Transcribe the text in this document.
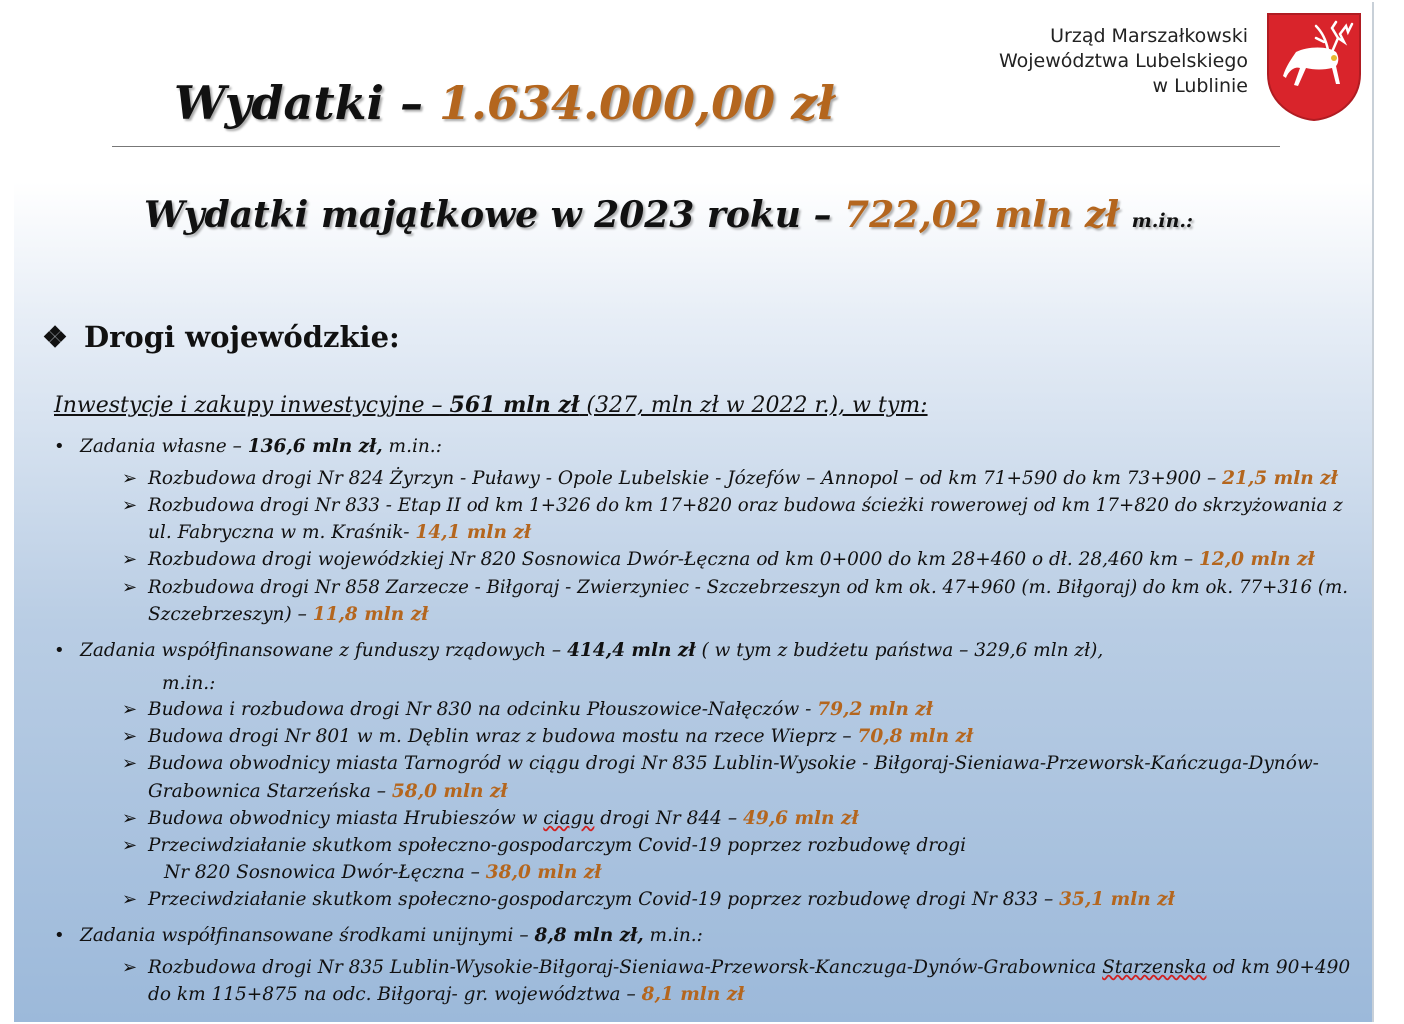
Wydatki – 1.634.000,00 zł
Urząd Marszałkowski
Województwa Lubelskiego
w Lublinie
Wydatki majątkowe w 2023 roku – 722,02 mln zł m.in.:
❖ Drogi wojewódzkie:
Inwestycje i zakupy inwestycyjne – 561 mln zł (327, mln zł w 2022 r.), w tym:
• Zadania własne – 136,6 mln zł, m.in.:
➢ Rozbudowa drogi Nr 824 Żyrzyn - Puławy - Opole Lubelskie - Józefów – Annopol – od km 71+590 do km 73+900 – 21,5 mln zł
➢ Rozbudowa drogi Nr 833 - Etap II od km 1+326 do km 17+820 oraz budowa ścieżki rowerowej od km 17+820 do skrzyżowania z
ul. Fabryczna w m. Kraśnik- 14,1 mln zł
➢ Rozbudowa drogi wojewódzkiej Nr 820 Sosnowica Dwór-Łęczna od km 0+000 do km 28+460 o dł. 28,460 km – 12,0 mln zł
➢ Rozbudowa drogi Nr 858 Zarzecze - Biłgoraj - Zwierzyniec - Szczebrzeszyn od km ok. 47+960 (m. Biłgoraj) do km ok. 77+316 (m.
Szczebrzeszyn) – 11,8 mln zł
• Zadania współfinansowane z funduszy rządowych – 414,4 mln zł ( w tym z budżetu państwa – 329,6 mln zł),
m.in.:
➢ Budowa i rozbudowa drogi Nr 830 na odcinku Płouszowice-Nałęczów - 79,2 mln zł
➢ Budowa drogi Nr 801 w m. Dęblin wraz z budowa mostu na rzece Wieprz – 70,8 mln zł
➢ Budowa obwodnicy miasta Tarnogród w ciągu drogi Nr 835 Lublin-Wysokie - Biłgoraj-Sieniawa-Przeworsk-Kańczuga-Dynów-
Grabownica Starzeńska – 58,0 mln zł
➢ Budowa obwodnicy miasta Hrubieszów w ciagu drogi Nr 844 – 49,6 mln zł
➢ Przeciwdziałanie skutkom społeczno-gospodarczym Covid-19 poprzez rozbudowę drogi
Nr 820 Sosnowica Dwór-Łęczna – 38,0 mln zł
➢ Przeciwdziałanie skutkom społeczno-gospodarczym Covid-19 poprzez rozbudowę drogi Nr 833 – 35,1 mln zł
• Zadania współfinansowane środkami unijnymi – 8,8 mln zł, m.in.:
➢ Rozbudowa drogi Nr 835 Lublin-Wysokie-Biłgoraj-Sieniawa-Przeworsk-Kanczuga-Dynów-Grabownica Starzenska od km 90+490
do km 115+875 na odc. Biłgoraj- gr. województwa – 8,1 mln zł
